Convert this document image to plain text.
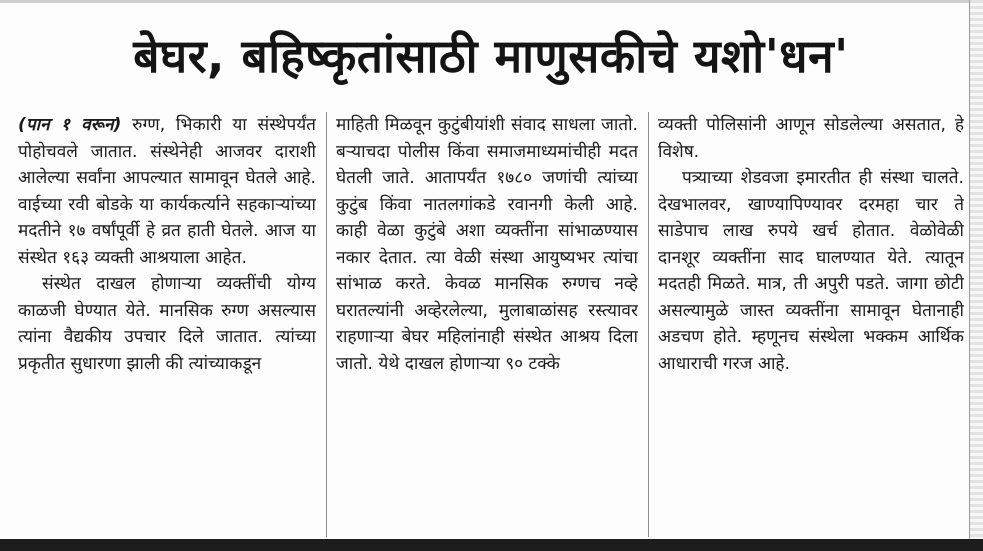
बेघर, बहिष्कृतांसाठी माणुसकीचे यशो'धन'

(पान १ वरून) रुग्ण, भिकारी या संस्थेपर्यंत पोहोचवले जातात. संस्थेनेही आजवर दाराशी आलेल्या सर्वांना आपल्यात सामावून घेतले आहे. वाईच्या रवी बोडके या कार्यकर्त्याने सहकाऱ्यांच्या मदतीने १७ वर्षांपूर्वी हे व्रत हाती घेतले. आज या संस्थेत १६३ व्यक्ती आश्रयाला आहेत.

संस्थेत दाखल होणाऱ्या व्यक्तींची योग्य काळजी घेण्यात येते. मानसिक रुग्ण असल्यास त्यांना वैद्यकीय उपचार दिले जातात. त्यांच्या प्रकृतीत सुधारणा झाली की त्यांच्याकडून

माहिती मिळवून कुटुंबीयांशी संवाद साधला जातो. बऱ्याचदा पोलीस किंवा समाजमाध्यमांचीही मदत घेतली जाते. आतापर्यंत १७८० जणांची त्यांच्या कुटुंब किंवा नातलगांकडे रवानगी केली आहे. काही वेळा कुटुंबे अशा व्यक्तींना सांभाळण्यास नकार देतात. त्या वेळी संस्था आयुष्यभर त्यांचा सांभाळ करते. केवळ मानसिक रुग्णच नव्हे घरातल्यांनी अव्हेरलेल्या, मुलाबाळांसह रस्त्यावर राहणाऱ्या बेघर महिलांनाही संस्थेत आश्रय दिला जातो. येथे दाखल होणाऱ्या ९० टक्के

व्यक्ती पोलिसांनी आणून सोडलेल्या असतात, हे विशेष.

पत्र्याच्या शेडवजा इमारतीत ही संस्था चालते. देखभालवर, खाण्यापिण्यावर दरमहा चार ते साडेपाच लाख रुपये खर्च होतात. वेळोवेळी दानशूर व्यक्तींना साद घालण्यात येते. त्यातून मदतही मिळते. मात्र, ती अपुरी पडते. जागा छोटी असल्यामुळे जास्त व्यक्तींना सामावून घेतानाही अडचण होते. म्हणूनच संस्थेला भक्कम आर्थिक आधाराची गरज आहे.
